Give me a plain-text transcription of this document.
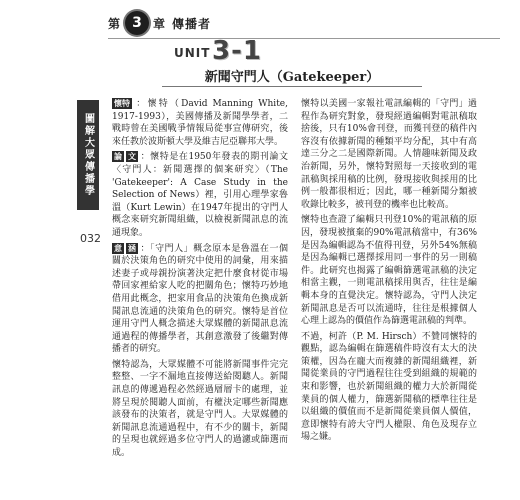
第 3 章 傳播者
UNIT 3-1
新聞守門人（Gatekeeper）
圖解大眾傳播學
032

懷特 ：懷特（David Manning White, 1917-1993），美國傳播及新聞學學者，二戰時曾在美國戰爭情報局從事宣傳研究，後來任教於波斯頓大學及維吉尼亞聯邦大學。

論 文 ：懷特是在1950年發表的期刊論文〈守門人：新聞選擇的個案研究〉（The 'Gatekeeper': A Case Study in the Selection of News）裡，引用心理學家魯溫（Kurt Lewin）在1947年提出的守門人概念來研究新聞組織，以檢視新聞訊息的流通現象。

意 涵 ：「守門人」概念原本是魯溫在一個關於決策角色的研究中使用的詞彙，用來描述妻子或母親扮演著決定把什麼食材從市場帶回家裡給家人吃的把關角色；懷特巧妙地借用此概念，把家用食品的決策角色換成新聞訊息流通的決策角色的研究。懷特是首位運用守門人概念描述大眾媒體的新聞訊息流通過程的傳播學者，其創意激發了後繼對傳播者的研究。

懷特認為，大眾媒體不可能將新聞事件完完整整、一字不漏地直接傳送給閱聽人。新聞訊息的傳遞過程必然經過層層卡的處理，並將呈現於閱聽人面前，有權決定哪些新聞應該發布的決策者，就是守門人。大眾媒體的新聞訊息流通過程中，有不少的關卡，新聞的呈現也就經過多位守門人的過濾或篩選而成。

懷特以美國一家報社電訊編輯的「守門」過程作為研究對象，發現經過編輯對電訊稿取捨後，只有10%會刊登，而獲刊登的稿件內容沒有依據新聞的種類平均分配，其中有高達三分之二是國際新聞。人情趣味新聞及政治新聞，另外，懷特對照每一天接收到的電訊稿與採用稿的比例，發現接收與採用的比例一般都很相近；因此，哪一種新聞分類被收錄比較多，被刊登的機率也比較高。

懷特也查證了編輯只刊登10%的電訊稿的原因，發現被擯棄的90%電訊稿當中，有36%是因為編輯認為不值得刊登，另外54%無稿是因為編輯已選擇採用同一事件的另一則稿件。此研究也揭露了編輯篩選電訊稿的決定相當主觀，一則電訊稿採用與否，往往是編輯本身的直覺決定。懷特認為，守門人決定新聞訊息是否可以流通時，往往是根據個人心理上認為的價值作為篩選電訊稿的判準。

不過，柯許（P. M. Hirsch）不贊同懷特的觀點，認為編輯在篩選稿件時沒有太大的決策權，因為在龐大而複雜的新聞組織裡，新聞從業員的守門過程往往受到組織的規範的束和影響，也於新聞組織的權力大於新聞從業員的個人權力，篩選新聞稿的標準往往是以組織的價值而不是新聞從業員個人價值，意即懷特有誇大守門人權限、角色及現存立場之嫌。
